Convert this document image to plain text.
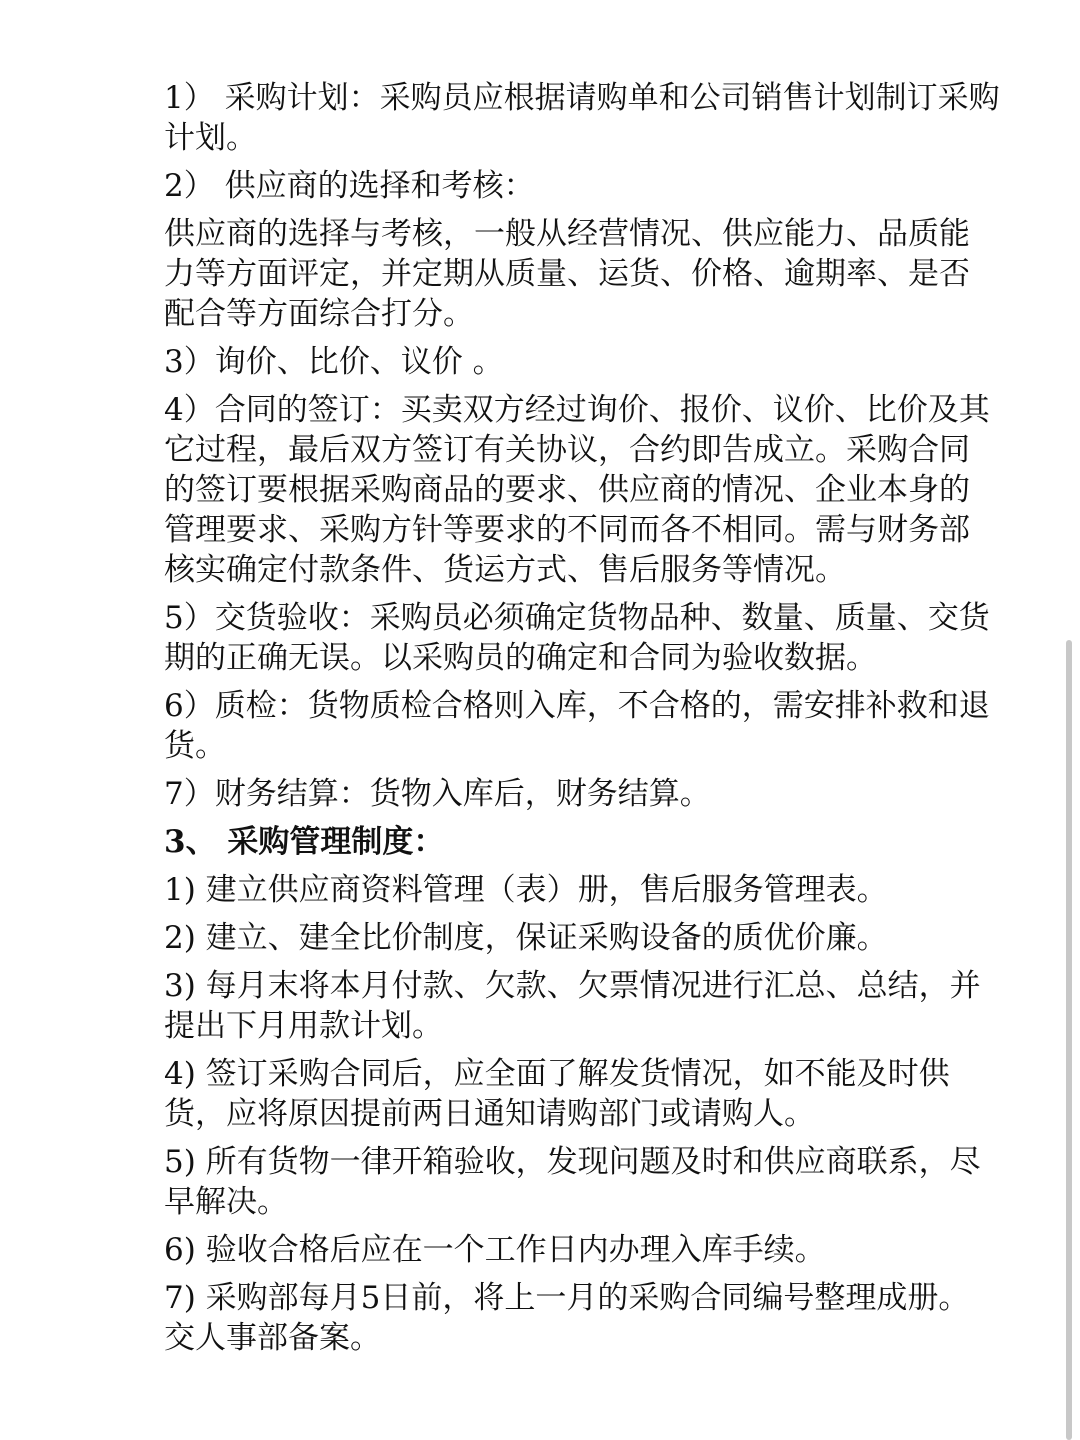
1） 采购计划：采购员应根据请购单和公司销售计划制订采购计划。

2） 供应商的选择和考核：

供应商的选择与考核，一般从经营情况、供应能力、品质能力等方面评定，并定期从质量、运货、价格、逾期率、是否配合等方面综合打分。

3）询价、比价、议价 。

4）合同的签订：买卖双方经过询价、报价、议价、比价及其它过程，最后双方签订有关协议，合约即告成立。采购合同的签订要根据采购商品的要求、供应商的情况、企业本身的管理要求、采购方针等要求的不同而各不相同。需与财务部核实确定付款条件、货运方式、售后服务等情况。

5）交货验收：采购员必须确定货物品种、数量、质量、交货期的正确无误。以采购员的确定和合同为验收数据。

6）质检：货物质检合格则入库，不合格的，需安排补救和退货。

7）财务结算：货物入库后，财务结算。

3、 采购管理制度：

1) 建立供应商资料管理（表）册，售后服务管理表。

2) 建立、建全比价制度，保证采购设备的质优价廉。

3) 每月末将本月付款、欠款、欠票情况进行汇总、总结，并提出下月用款计划。

4) 签订采购合同后，应全面了解发货情况，如不能及时供货，应将原因提前两日通知请购部门或请购人。

5) 所有货物一律开箱验收，发现问题及时和供应商联系，尽早解决。

6) 验收合格后应在一个工作日内办理入库手续。

7) 采购部每月5日前，将上一月的采购合同编号整理成册。交人事部备案。
